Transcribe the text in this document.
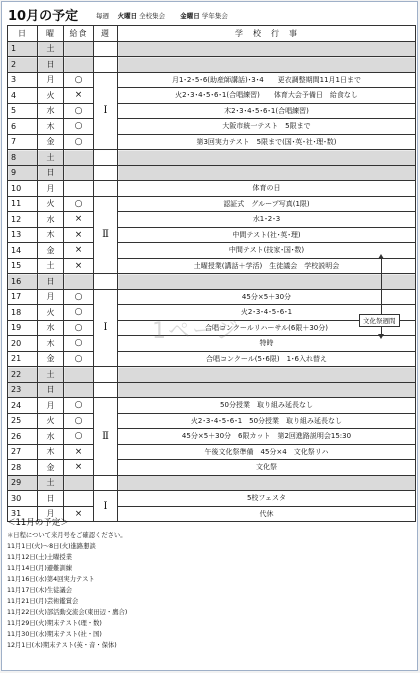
10月の予定	毎週　 火曜日 全校集会　　 金曜日 学年集会
日	曜	給食	週	学　校　行　事
1	土			
2	日			
3	月	○	Ⅰ	月1･2･5･6(助産師講話)･3･4　　更衣調整期間11月1日まで
4	火	×		火2･3･4･5･6･1(合唱練習)　　体育大会予備日　給食なし
5	水	○		木2･3･4･5･6･1(合唱練習)
6	木	○		大阪市統一テスト　5限まで
7	金	○		第3回実力テスト　5限まで(国･英･社･理･数)
8	土			
9	日			
10	月			体育の日
11	火	○	Ⅱ	認証式　グループ写真(1限)
12	水	×		水1･2･3
13	木	×		中間テスト(社･英･理)
14	金	×		中間テスト(技家･国･数)
15	土	×		土曜授業(講話＋学活)　生徒議会　学校説明会
16	日			
17	月	○	Ⅰ	45分×5＋30分
18	火	○		火2･3･4･5･6･1
19	水	○		合唱コンクールリハーサル(6限＋30分)
20	木	○		特時
21	金	○		合唱コンクール(5･6限)　1･6入れ替え
22	土			
23	日			
24	月	○	Ⅱ	50分授業　取り組み延長なし
25	火	○		火2･3･4･5･6･1　50分授業　取り組み延長なし
26	水	○		45分×5＋30分　6限カット　第2回進路説明会15:30
27	木	×		午後文化祭準備　45分×4　文化祭リハ
28	金	×		文化祭
29	土			
30	日		Ⅰ	5校フェスタ
31	月	×		代休
1ページ	文化祭週間
＜11月の予定＞
＊日程について来月号をご確認ください。
11月1日(火)～8日(火)進路懇談
11月12日(土)土曜授業
11月14日(月)避難訓練
11月16日(水)第4回実力テスト
11月17日(木)生徒議会
11月21日(月)芸術鑑賞会
11月22日(火)部活動交流会(東田辺・鷹合)
11月29日(火)期末テスト(理・数)
11月30日(水)期末テスト(社・国)
12月1日(木)期末テスト(英・音・保体)
